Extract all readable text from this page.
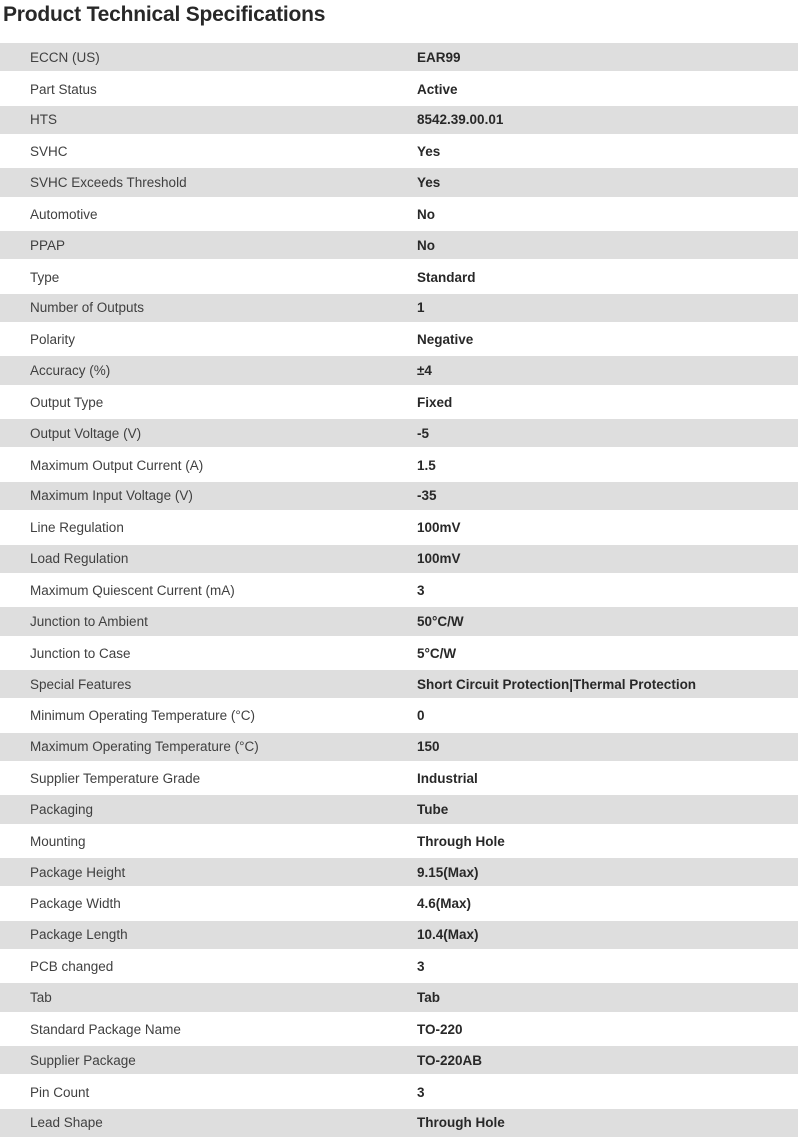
Product Technical Specifications
ECCN (US)	EAR99
Part Status	Active
HTS	8542.39.00.01
SVHC	Yes
SVHC Exceeds Threshold	Yes
Automotive	No
PPAP	No
Type	Standard
Number of Outputs	1
Polarity	Negative
Accuracy (%)	±4
Output Type	Fixed
Output Voltage (V)	-5
Maximum Output Current (A)	1.5
Maximum Input Voltage (V)	-35
Line Regulation	100mV
Load Regulation	100mV
Maximum Quiescent Current (mA)	3
Junction to Ambient	50°C/W
Junction to Case	5°C/W
Special Features	Short Circuit Protection|Thermal Protection
Minimum Operating Temperature (°C)	0
Maximum Operating Temperature (°C)	150
Supplier Temperature Grade	Industrial
Packaging	Tube
Mounting	Through Hole
Package Height	9.15(Max)
Package Width	4.6(Max)
Package Length	10.4(Max)
PCB changed	3
Tab	Tab
Standard Package Name	TO-220
Supplier Package	TO-220AB
Pin Count	3
Lead Shape	Through Hole
